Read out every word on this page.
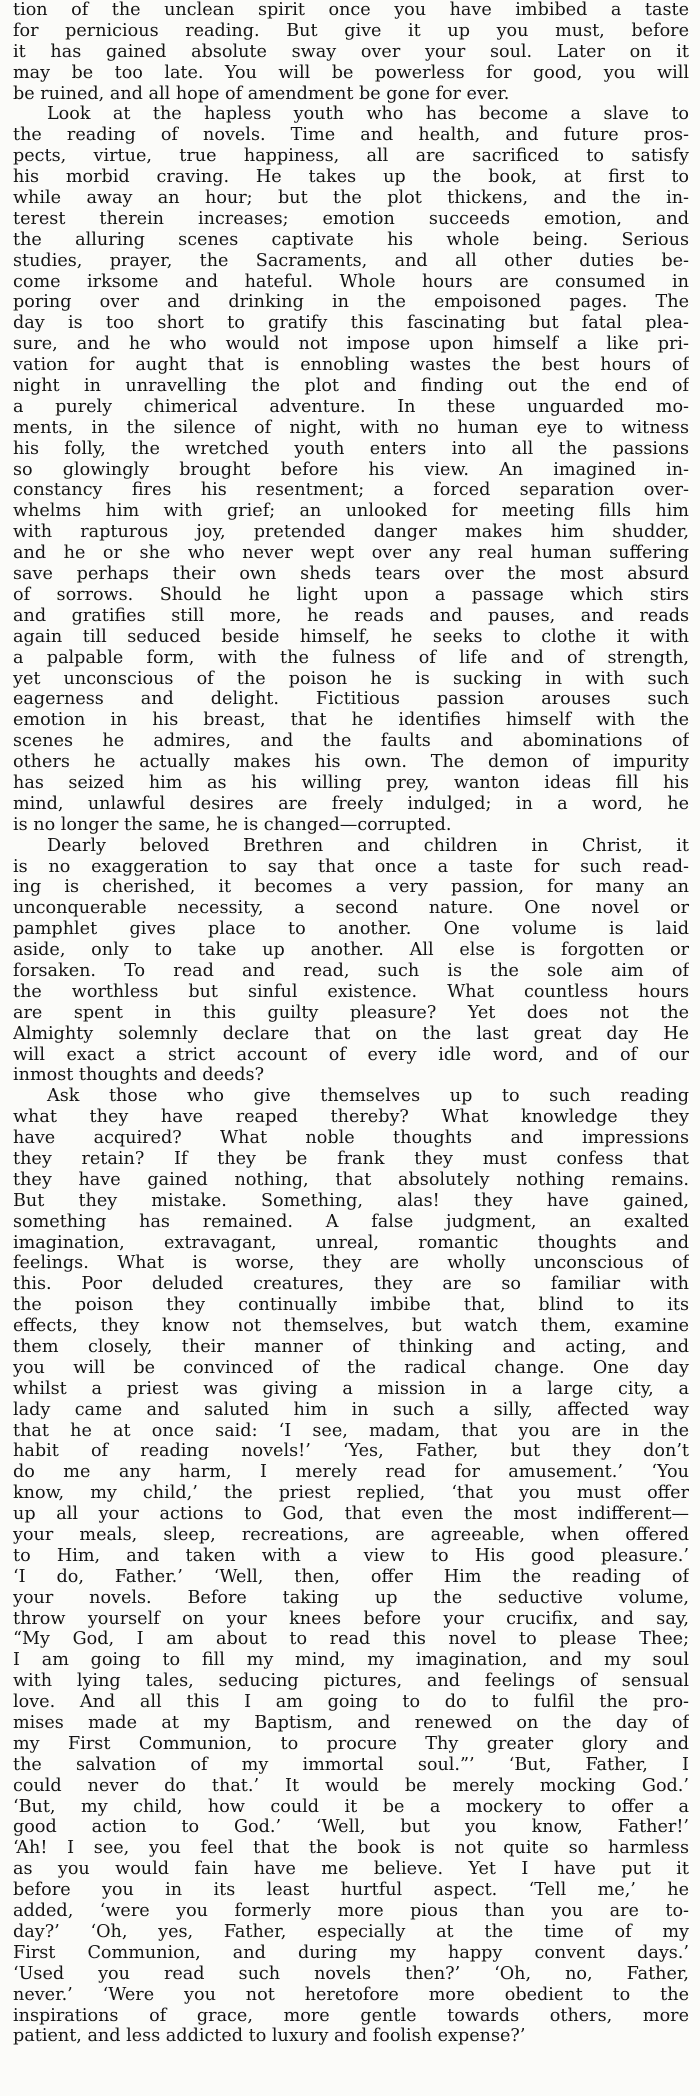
tion of the unclean spirit once you have imbibed a taste
for pernicious reading. But give it up you must, before
it has gained absolute sway over your soul. Later on it
may be too late. You will be powerless for good, you will
be ruined, and all hope of amendment be gone for ever.
Look at the hapless youth who has become a slave to
the reading of novels. Time and health, and future pros-
pects, virtue, true happiness, all are sacrificed to satisfy
his morbid craving. He takes up the book, at first to
while away an hour; but the plot thickens, and the in-
terest therein increases; emotion succeeds emotion, and
the alluring scenes captivate his whole being. Serious
studies, prayer, the Sacraments, and all other duties be-
come irksome and hateful. Whole hours are consumed in
poring over and drinking in the empoisoned pages. The
day is too short to gratify this fascinating but fatal plea-
sure, and he who would not impose upon himself a like pri-
vation for aught that is ennobling wastes the best hours of
night in unravelling the plot and finding out the end of
a purely chimerical adventure. In these unguarded mo-
ments, in the silence of night, with no human eye to witness
his folly, the wretched youth enters into all the passions
so glowingly brought before his view. An imagined in-
constancy fires his resentment; a forced separation over-
whelms him with grief; an unlooked for meeting fills him
with rapturous joy, pretended danger makes him shudder,
and he or she who never wept over any real human suffering
save perhaps their own sheds tears over the most absurd
of sorrows. Should he light upon a passage which stirs
and gratifies still more, he reads and pauses, and reads
again till seduced beside himself, he seeks to clothe it with
a palpable form, with the fulness of life and of strength,
yet unconscious of the poison he is sucking in with such
eagerness and delight. Fictitious passion arouses such
emotion in his breast, that he identifies himself with the
scenes he admires, and the faults and abominations of
others he actually makes his own. The demon of impurity
has seized him as his willing prey, wanton ideas fill his
mind, unlawful desires are freely indulged; in a word, he
is no longer the same, he is changed—corrupted.
Dearly beloved Brethren and children in Christ, it
is no exaggeration to say that once a taste for such read-
ing is cherished, it becomes a very passion, for many an
unconquerable necessity, a second nature. One novel or
pamphlet gives place to another. One volume is laid
aside, only to take up another. All else is forgotten or
forsaken. To read and read, such is the sole aim of
the worthless but sinful existence. What countless hours
are spent in this guilty pleasure? Yet does not the
Almighty solemnly declare that on the last great day He
will exact a strict account of every idle word, and of our
inmost thoughts and deeds?
Ask those who give themselves up to such reading
what they have reaped thereby? What knowledge they
have acquired? What noble thoughts and impressions
they retain? If they be frank they must confess that
they have gained nothing, that absolutely nothing remains.
But they mistake. Something, alas! they have gained,
something has remained. A false judgment, an exalted
imagination, extravagant, unreal, romantic thoughts and
feelings. What is worse, they are wholly unconscious of
this. Poor deluded creatures, they are so familiar with
the poison they continually imbibe that, blind to its
effects, they know not themselves, but watch them, examine
them closely, their manner of thinking and acting, and
you will be convinced of the radical change. One day
whilst a priest was giving a mission in a large city, a
lady came and saluted him in such a silly, affected way
that he at once said: ‘I see, madam, that you are in the
habit of reading novels!’ ‘Yes, Father, but they don’t
do me any harm, I merely read for amusement.’ ‘You
know, my child,’ the priest replied, ‘that you must offer
up all your actions to God, that even the most indifferent—
your meals, sleep, recreations, are agreeable, when offered
to Him, and taken with a view to His good pleasure.’
‘I do, Father.’ ‘Well, then, offer Him the reading of
your novels. Before taking up the seductive volume,
throw yourself on your knees before your crucifix, and say,
“My God, I am about to read this novel to please Thee;
I am going to fill my mind, my imagination, and my soul
with lying tales, seducing pictures, and feelings of sensual
love. And all this I am going to do to fulfil the pro-
mises made at my Baptism, and renewed on the day of
my First Communion, to procure Thy greater glory and
the salvation of my immortal soul.”’ ‘But, Father, I
could never do that.’ It would be merely mocking God.’
‘But, my child, how could it be a mockery to offer a
good action to God.’ ‘Well, but you know, Father!’
‘Ah! I see, you feel that the book is not quite so harmless
as you would fain have me believe. Yet I have put it
before you in its least hurtful aspect. ‘Tell me,’ he
added, ‘were you formerly more pious than you are to-
day?’ ‘Oh, yes, Father, especially at the time of my
First Communion, and during my happy convent days.’
‘Used you read such novels then?’ ‘Oh, no, Father,
never.’ ‘Were you not heretofore more obedient to the
inspirations of grace, more gentle towards others, more
patient, and less addicted to luxury and foolish expense?’
